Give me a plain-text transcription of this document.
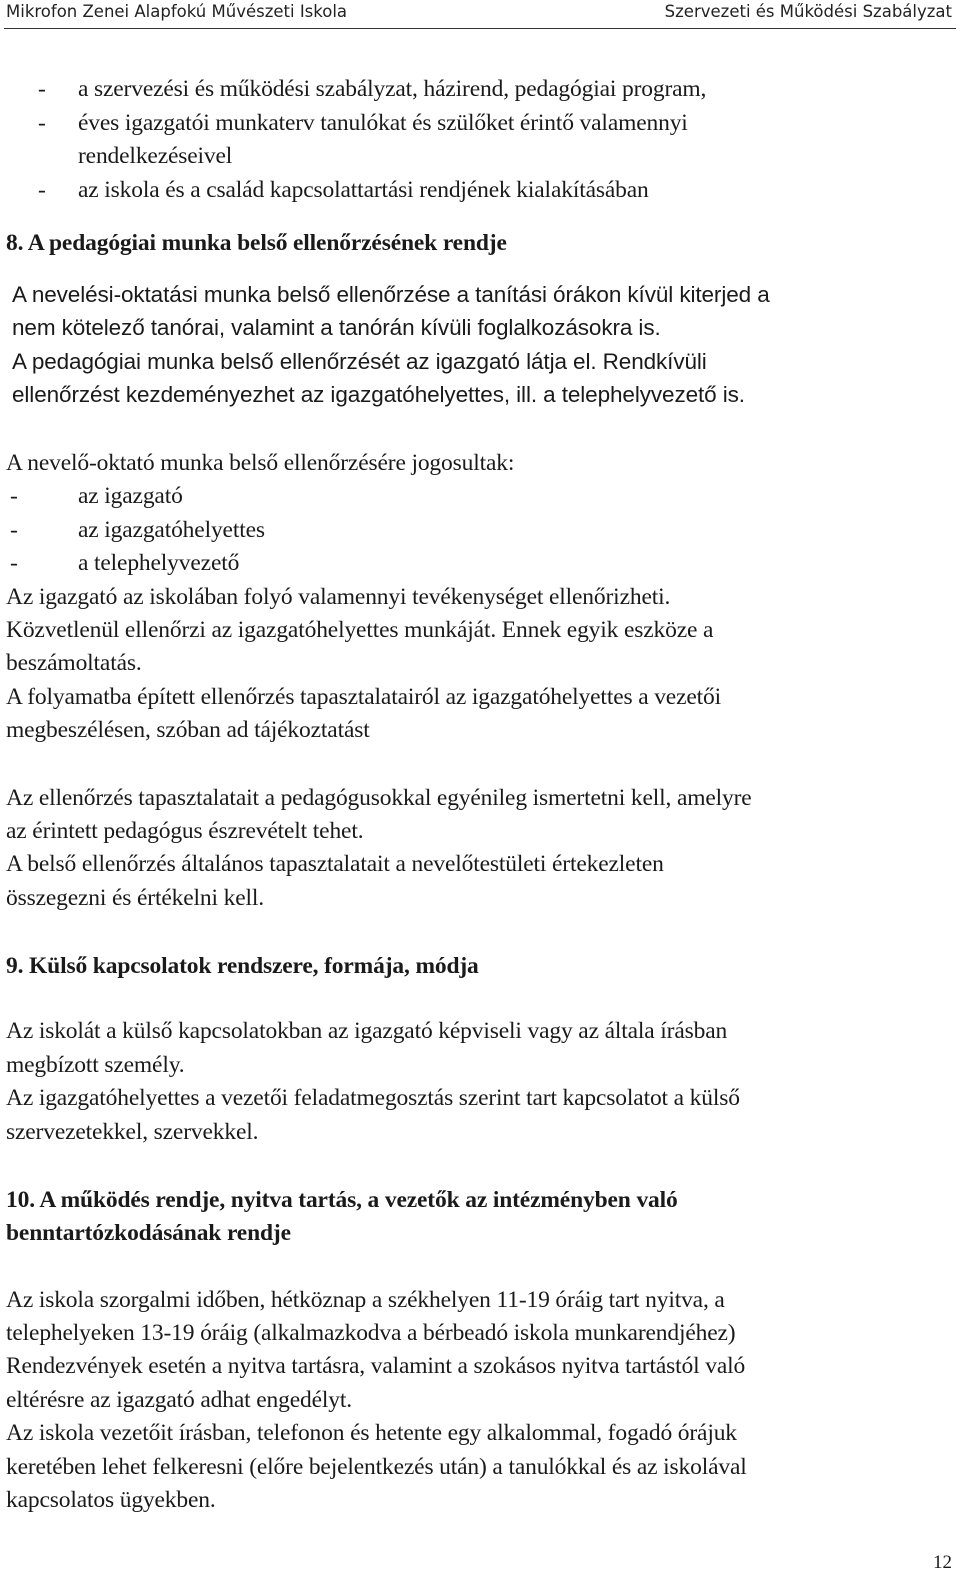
Mikrofon Zenei Alapfokú Művészeti Iskola	Szervezeti és Működési Szabályzat
- a szervezési és működési szabályzat, házirend, pedagógiai program,
- éves igazgatói munkaterv tanulókat és szülőket érintő valamennyi
rendelkezéseivel
- az iskola és a család kapcsolattartási rendjének kialakításában
8. A pedagógiai munka belső ellenőrzésének rendje
A nevelési-oktatási munka belső ellenőrzése a tanítási órákon kívül kiterjed a
nem kötelező tanórai, valamint a tanórán kívüli foglalkozásokra is.
A pedagógiai munka belső ellenőrzését az igazgató látja el. Rendkívüli
ellenőrzést kezdeményezhet az igazgatóhelyettes, ill. a telephelyvezető is.
A nevelő-oktató munka belső ellenőrzésére jogosultak:
-	az igazgató
-	az igazgatóhelyettes
-	a telephelyvezető
Az igazgató az iskolában folyó valamennyi tevékenységet ellenőrizheti.
Közvetlenül ellenőrzi az igazgatóhelyettes munkáját. Ennek egyik eszköze a
beszámoltatás.
A folyamatba épített ellenőrzés tapasztalatairól az igazgatóhelyettes a vezetői
megbeszélésen, szóban ad tájékoztatást
Az ellenőrzés tapasztalatait a pedagógusokkal egyénileg ismertetni kell, amelyre
az érintett pedagógus észrevételt tehet.
A belső ellenőrzés általános tapasztalatait a nevelőtestületi értekezleten
összegezni és értékelni kell.
9. Külső kapcsolatok rendszere, formája, módja
Az iskolát a külső kapcsolatokban az igazgató képviseli vagy az általa írásban
megbízott személy.
Az igazgatóhelyettes a vezetői feladatmegosztás szerint tart kapcsolatot a külső
szervezetekkel, szervekkel.
10. A működés rendje, nyitva tartás, a vezetők az intézményben való
benntartózkodásának rendje
Az iskola szorgalmi időben, hétköznap a székhelyen 11-19 óráig tart nyitva, a
telephelyeken 13-19 óráig (alkalmazkodva a bérbeadó iskola munkarendjéhez)
Rendezvények esetén a nyitva tartásra, valamint a szokásos nyitva tartástól való
eltérésre az igazgató adhat engedélyt.
Az iskola vezetőit írásban, telefonon és hetente egy alkalommal, fogadó órájuk
keretében lehet felkeresni (előre bejelentkezés után) a tanulókkal és az iskolával
kapcsolatos ügyekben.
12
